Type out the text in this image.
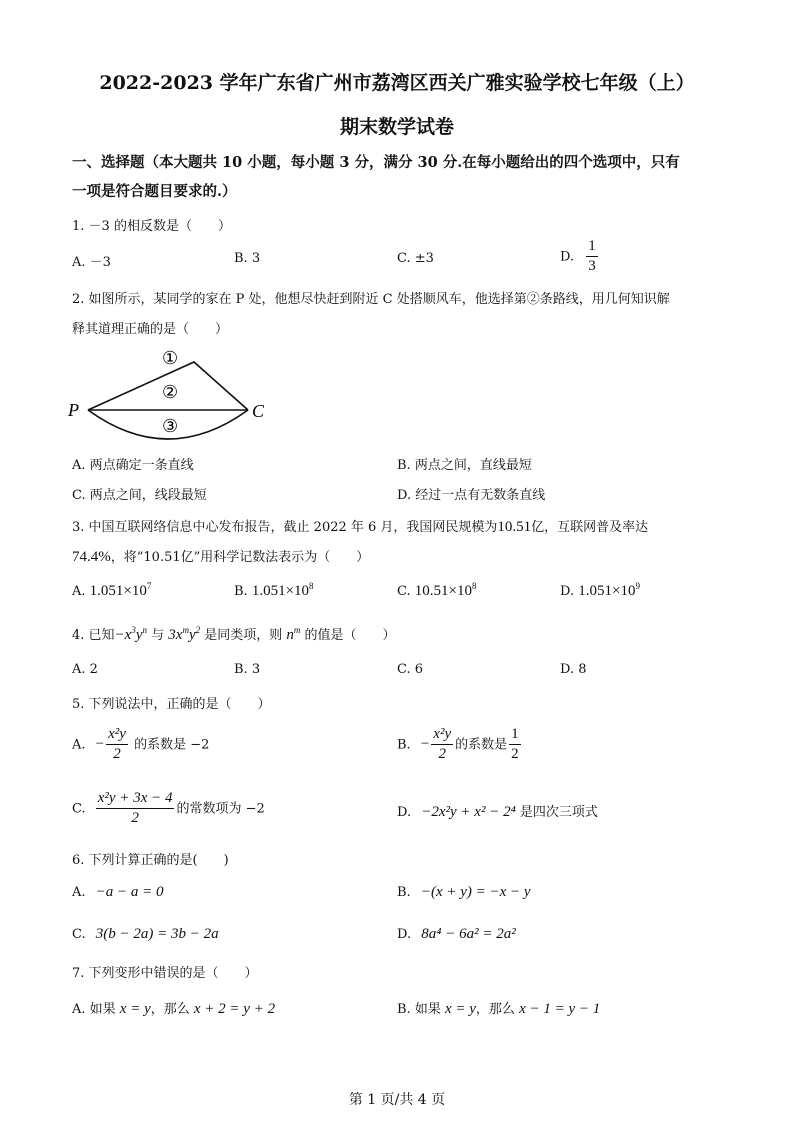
2022-2023 学年广东省广州市荔湾区西关广雅实验学校七年级（上）
期末数学试卷
一、选择题（本大题共 10 小题，每小题 3 分，满分 30 分.在每小题给出的四个选项中，只有
一项是符合题目要求的.）
1. －3 的相反数是（　　）
A. －3	B. 3	C. ±3	D. $\frac{1}{3}$
2. 如图所示，某同学的家在 P 处，他想尽快赶到附近 C 处搭顺风车，他选择第②条路线，用几何知识解
释其道理正确的是（　　）
P	C
①
②
③
A. 两点确定一条直线	B. 两点之间，直线最短
C. 两点之间，线段最短	D. 经过一点有无数条直线
3. 中国互联网络信息中心发布报告，截止 2022 年 6 月，我国网民规模为10.51亿，互联网普及率达
74.4%，将“10.51亿”用科学记数法表示为（　　）
A. $1.051\times 10^7$	B. $1.051\times 10^8$	C. $10.51\times 10^8$	D. $1.051\times 10^9$
4. 已知$-x^3y^n$ 与 $3x^my^2$ 是同类项，则 $n^m$ 的值是（　　）
A. 2	B. 3	C. 6	D. 8
5. 下列说法中，正确的是（　　）
A. − $\frac{\text{x²y}}{2}$ 的系数是 −2	B. − $\frac{\text{x²y}}{2}$ 的系数是 $\frac{1}{2}$
C. $\frac{\text{x²y + 3x − 4}}{2}$ 的常数项为 −2	D. −2x²y + x² − 2⁴ 是四次三项式
6. 下列计算正确的是(　　)
A. −a − a = 0	B. −(x + y) = −x − y
C. 3(b − 2a) = 3b − 2a	D. 8a⁴ − 6a² = 2a²
7. 下列变形中错误的是（　　）
A. 如果 x = y，那么 x + 2 = y + 2	B. 如果 x = y，那么 x − 1 = y − 1
第 1 页/共 4 页
